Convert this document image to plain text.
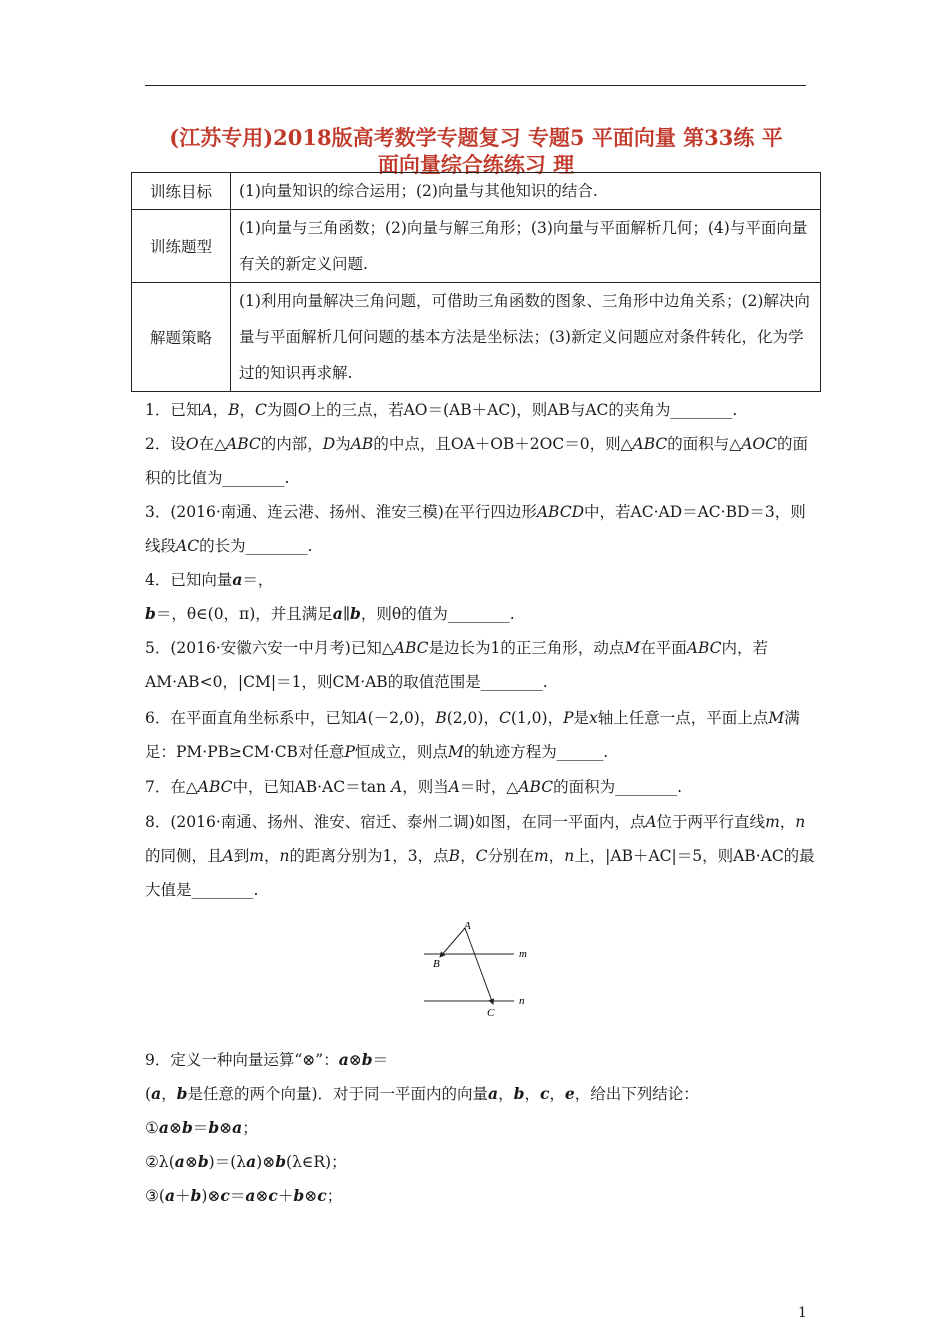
(江苏专用)2018版高考数学专题复习 专题5 平面向量 第33练 平
面向量综合练练习 理
训练目标	(1)向量知识的综合运用；(2)向量与其他知识的结合.
训练题型	(1)向量与三角函数；(2)向量与解三角形；(3)向量与平面解析几何；(4)与平面向量有关的新定义问题.
解题策略	(1)利用向量解决三角问题，可借助三角函数的图象、三角形中边角关系；(2)解决向量与平面解析几何问题的基本方法是坐标法；(3)新定义问题应对条件转化，化为学过的知识再求解.

1．已知A，B，C为圆O上的三点，若AO＝(AB＋AC)，则AB与AC的夹角为________.

2．设O在△ABC的内部，D为AB的中点，且OA＋OB＋2OC＝0，则△ABC的面积与△AOC的面积的比值为________.

3．(2016·南通、连云港、扬州、淮安三模)在平行四边形ABCD中，若AC·AD＝AC·BD＝3，则线段AC的长为________.

4．已知向量a＝，
b＝，θ∈(0，π)，并且满足a∥b，则θ的值为________.

5．(2016·安徽六安一中月考)已知△ABC是边长为1的正三角形，动点M在平面ABC内，若AM·AB<0，|CM|＝1，则CM·AB的取值范围是________.

6．在平面直角坐标系中，已知A(－2,0)，B(2,0)，C(1,0)，P是x轴上任意一点，平面上点M满足：PM·PB≥CM·CB对任意P恒成立，则点M的轨迹方程为______.

7．在△ABC中，已知AB·AC＝tan A，则当A＝时，△ABC的面积为________.

8．(2016·南通、扬州、淮安、宿迁、泰州二调)如图，在同一平面内，点A位于两平行直线m，n的同侧，且A到m，n的距离分别为1，3，点B，C分别在m，n上，|AB＋AC|＝5，则AB·AC的最大值是________.

A
B
C
m
n

9．定义一种向量运算“⊗”：a⊗b＝

(a，b是任意的两个向量)．对于同一平面内的向量a，b，c，e，给出下列结论：

①a⊗b＝b⊗a；

②λ(a⊗b)＝(λa)⊗b(λ∈R)；

③(a＋b)⊗c＝a⊗c＋b⊗c；

1
